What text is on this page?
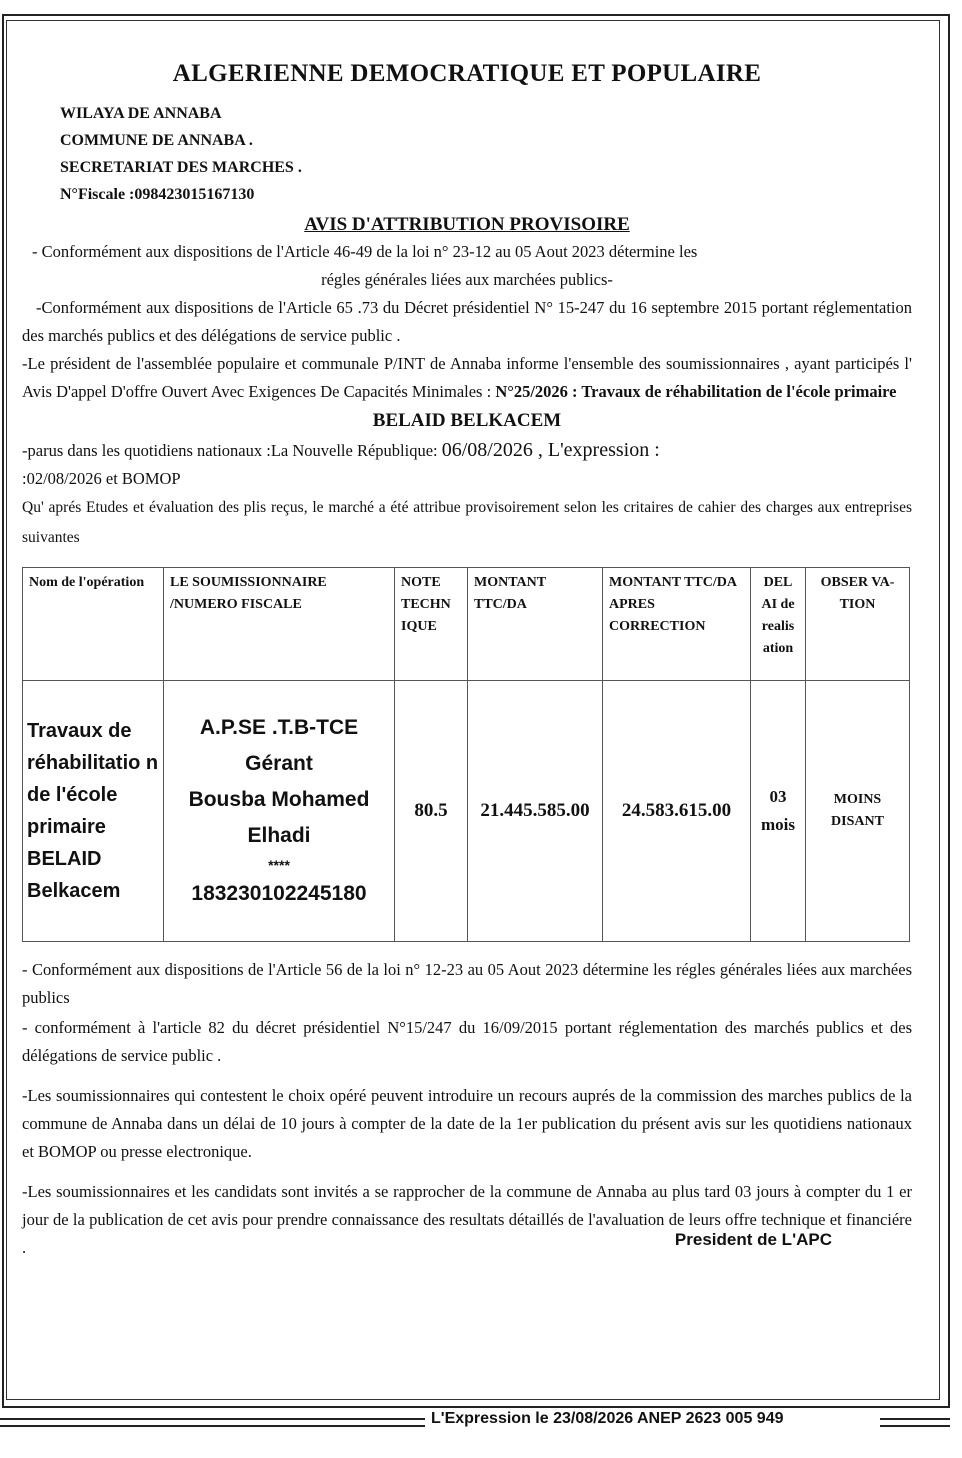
ALGERIENNE DEMOCRATIQUE ET POPULAIRE
WILAYA DE ANNABA
COMMUNE DE ANNABA .
SECRETARIAT DES MARCHES .
N°Fiscale :098423015167130
AVIS D'ATTRIBUTION PROVISOIRE

- Conformément aux dispositions de l'Article 46-49 de la loi n° 23-12 au 05 Aout 2023 détermine les

régles générales liées aux marchées publics-

-Conformément aux dispositions de l'Article 65 .73 du Décret présidentiel N° 15-247 du 16 septembre 2015 portant réglementation des marchés publics et des délégations de service public .

-Le président de l'assemblée populaire et communale P/INT de Annaba informe l'ensemble des soumissionnaires , ayant participés l' Avis D'appel D'offre Ouvert Avec Exigences De Capacités Minimales : N°25/2026 : Travaux de réhabilitation de l'école primaire

BELAID BELKACEM

-parus dans les quotidiens nationaux :La Nouvelle République: 06/08/2026 , L'expression :

:02/08/2026 et BOMOP

Qu' aprés Etudes et évaluation des plis reçus, le marché a été attribue provisoirement selon les critaires de cahier des charges aux entreprises suivantes

Nom de l'opération	LE SOUMISSIONNAIRE /NUMERO FISCALE	NOTE TECHN IQUE	MONTANT TTC/DA	MONTANT TTC/DA APRES CORRECTION	DEL AI de realis ation	OBSER VA- TION
Travaux de réhabilitatio n de l'école primaire BELAID Belkacem	A.P.SE .T.B-TCE
Gérant
Bousba Mohamed Elhadi
****
183230102245180	80.5	21.445.585.00	24.583.615.00	03 mois	MOINS DISANT

- Conformément aux dispositions de l'Article 56 de la loi n° 12-23 au 05 Aout 2023 détermine les régles générales liées aux marchées publics

- conformément à l'article 82 du décret présidentiel N°15/247 du 16/09/2015 portant réglementation des marchés publics et des délégations de service public .

-Les soumissionnaires qui contestent le choix opéré peuvent introduire un recours auprés de la commission des marches publics de la commune de Annaba dans un délai de 10 jours à compter de la date de la 1er publication du présent avis sur les quotidiens nationaux et BOMOP ou presse electronique.

-Les soumissionnaires et les candidats sont invités a se rapprocher de la commune de Annaba au plus tard 03 jours à compter du 1 er jour de la publication de cet avis pour prendre connaissance des resultats détaillés de l'avaluation de leurs offre technique et financiére .	President de L'APC
L'Expression le 23/08/2026 ANEP 2623 005 949
